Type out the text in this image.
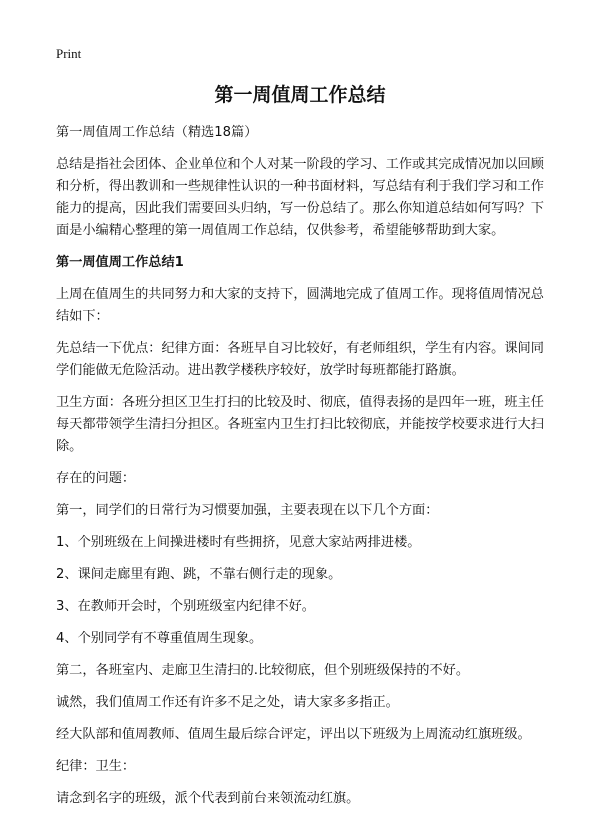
Print
第一周值周工作总结
第一周值周工作总结（精选18篇）
总结是指社会团体、企业单位和个人对某一阶段的学习、工作或其完成情况加以回顾和分析，得出教训和一些规律性认识的一种书面材料，写总结有利于我们学习和工作能力的提高，因此我们需要回头归纳，写一份总结了。那么你知道总结如何写吗？下面是小编精心整理的第一周值周工作总结，仅供参考，希望能够帮助到大家。
第一周值周工作总结1
上周在值周生的共同努力和大家的支持下，圆满地完成了值周工作。现将值周情况总结如下：
先总结一下优点：纪律方面：各班早自习比较好，有老师组织，学生有内容。课间同学们能做无危险活动。进出教学楼秩序较好，放学时每班都能打路旗。
卫生方面：各班分担区卫生打扫的比较及时、彻底，值得表扬的是四年一班，班主任每天都带领学生清扫分担区。各班室内卫生打扫比较彻底，并能按学校要求进行大扫除。
存在的问题：
第一，同学们的日常行为习惯要加强，主要表现在以下几个方面：
1、个别班级在上间操进楼时有些拥挤，见意大家站两排进楼。
2、课间走廊里有跑、跳，不靠右侧行走的现象。
3、在教师开会时，个别班级室内纪律不好。
4、个别同学有不尊重值周生现象。
第二，各班室内、走廊卫生清扫的.比较彻底，但个别班级保持的不好。
诚然，我们值周工作还有许多不足之处，请大家多多指正。
经大队部和值周教师、值周生最后综合评定，评出以下班级为上周流动红旗班级。
纪律：卫生：
请念到名字的班级，派个代表到前台来领流动红旗。
